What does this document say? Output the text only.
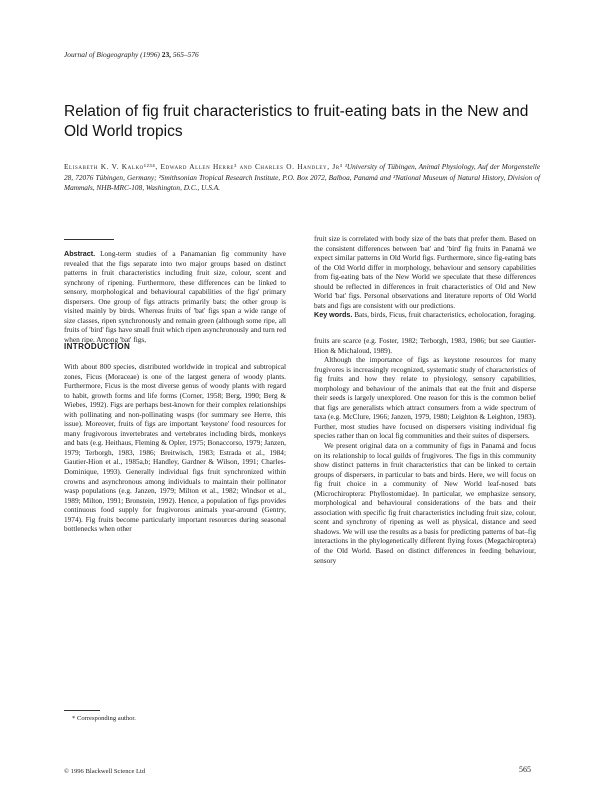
Journal of Biogeography (1996) 23, 565–576
Relation of fig fruit characteristics to fruit-eating bats in the New and Old World tropics
Elisabeth K. V. Kalko¹²³⁴, Edward Allen Herre² and Charles O. Handley, Jr³ ¹University of Tübingen, Animal Physiology, Auf der Morgenstelle 28, 72076 Tübingen, Germany; ²Smithsonian Tropical Research Institute, P.O. Box 2072, Balboa, Panamá and ³National Museum of Natural History, Division of Mammals, NHB-MRC-108, Washington, D.C., U.S.A.
Abstract. Long-term studies of a Panamanian fig community have revealed that the figs separate into two major groups based on distinct patterns in fruit characteristics including fruit size, colour, scent and synchrony of ripening. Furthermore, these differences can be linked to sensory, morphological and behavioural capabilities of the figs' primary dispersers. One group of figs attracts primarily bats; the other group is visited mainly by birds. Whereas fruits of 'bat' figs span a wide range of size classes, ripen synchronously and remain green (although some ripe, all fruits of 'bird' figs have small fruit which ripen asynchronously and turn red when ripe. Among 'bat' figs,

fruit size is correlated with body size of the bats that prefer them. Based on the consistent differences between 'bat' and 'bird' fig fruits in Panamá we expect similar patterns in Old World figs. Furthermore, since fig-eating bats of the Old World differ in morphology, behaviour and sensory capabilities from fig-eating bats of the New World we speculate that these differences should be reflected in differences in fruit characteristics of Old and New World 'bat' figs. Personal observations and literature reports of Old World bats and figs are consistent with our predictions.

Key words. Bats, birds, Ficus, fruit characteristics, echolocation, foraging.

INTRODUCTION

With about 800 species, distributed worldwide in tropical and subtropical zones, Ficus (Moraceae) is one of the largest genera of woody plants. Furthermore, Ficus is the most diverse genus of woody plants with regard to habit, growth forms and life forms (Corner, 1958; Berg, 1990; Berg & Wiebes, 1992). Figs are perhaps best-known for their complex relationships with pollinating and non-pollinating wasps (for summary see Herre, this issue). Moreover, fruits of figs are important 'keystone' food resources for many frugivorous invertebrates and vertebrates including birds, monkeys and bats (e.g. Heithaus, Fleming & Opler, 1975; Bonaccorso, 1979; Janzen, 1979; Terborgh, 1983, 1986; Breitwisch, 1983; Estrada et al., 1984; Gautier-Hion et al., 1985a,b; Handley, Gardner & Wilson, 1991; Charles-Dominique, 1993). Generally individual figs fruit synchronized within crowns and asynchronous among individuals to maintain their pollinator wasp populations (e.g. Janzen, 1979; Milton et al., 1982; Windsor et al., 1989; Milton, 1991; Bronstein, 1992). Hence, a population of figs provides continuous food supply for frugivorous animals year-around (Gentry, 1974). Fig fruits become particularly important resources during seasonal bottlenecks when other

fruits are scarce (e.g. Foster, 1982; Terborgh, 1983, 1986; but see Gautier-Hion & Michaloud, 1989).

Although the importance of figs as keystone resources for many frugivores is increasingly recognized, systematic study of characteristics of fig fruits and how they relate to physiology, sensory capabilities, morphology and behaviour of the animals that eat the fruit and disperse their seeds is largely unexplored. One reason for this is the common belief that figs are generalists which attract consumers from a wide spectrum of taxa (e.g. McClure, 1966; Janzen, 1979, 1980; Leighton & Leighton, 1983). Further, most studies have focused on dispersers visiting individual fig species rather than on local fig communities and their suites of dispersers.

We present original data on a community of figs in Panamá and focus on its relationship to local guilds of frugivores. The figs in this community show distinct patterns in fruit characteristics that can be linked to certain groups of dispersers, in particular to bats and birds. Here, we will focus on fig fruit choice in a community of New World leaf-nosed bats (Microchiroptera: Phyllostomidae). In particular, we emphasize sensory, morphological and behavioural considerations of the bats and their association with specific fig fruit characteristics including fruit size, colour, scent and synchrony of ripening as well as physical, distance and seed shadows. We will use the results as a basis for predicting patterns of bat–fig interactions in the phylogenetically different flying foxes (Megachiroptera) of the Old World. Based on distinct differences in feeding behaviour, sensory

* Corresponding author.
© 1996 Blackwell Science Ltd	565
